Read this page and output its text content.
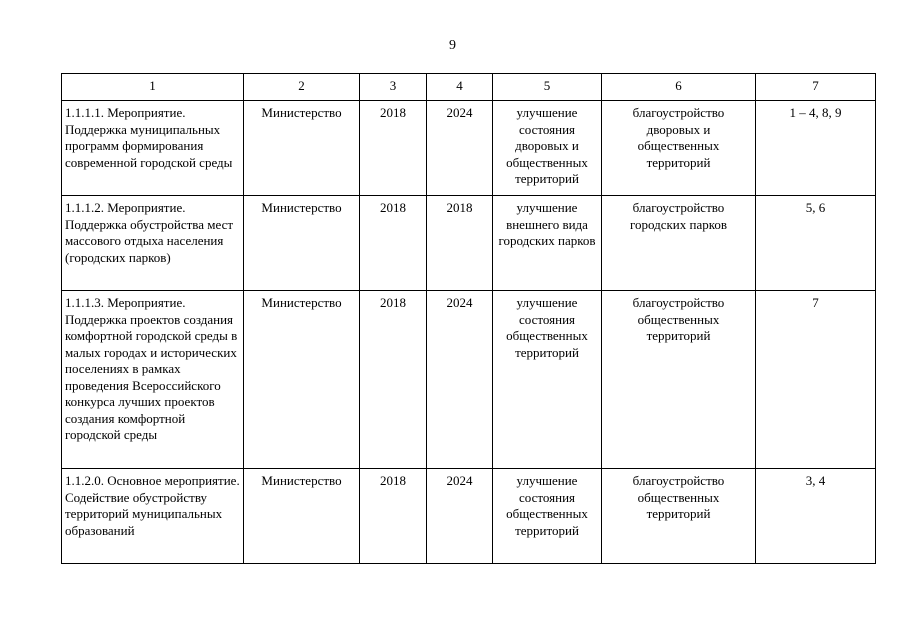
9
1	2	3	4	5	6	7
1.1.1.1. Мероприятие. Поддержка муниципальных программ формирования современной городской среды	Министерство	2018	2024	улучшение состояния дворовых и общественных территорий	благоустройство дворовых и общественных территорий	1 – 4, 8, 9
1.1.1.2. Мероприятие. Поддержка обустройства мест массового отдыха населения (городских парков)	Министерство	2018	2018	улучшение внешнего вида городских парков	благоустройство городских парков	5, 6
1.1.1.3. Мероприятие. Поддержка проектов создания комфортной городской среды в малых городах и исторических поселениях в рамках проведения Всероссийского конкурса лучших проектов создания комфортной городской среды	Министерство	2018	2024	улучшение состояния общественных территорий	благоустройство общественных территорий	7
1.1.2.0. Основное мероприятие. Содействие обустройству территорий муниципальных образований	Министерство	2018	2024	улучшение состояния общественных территорий	благоустройство общественных территорий	3, 4
